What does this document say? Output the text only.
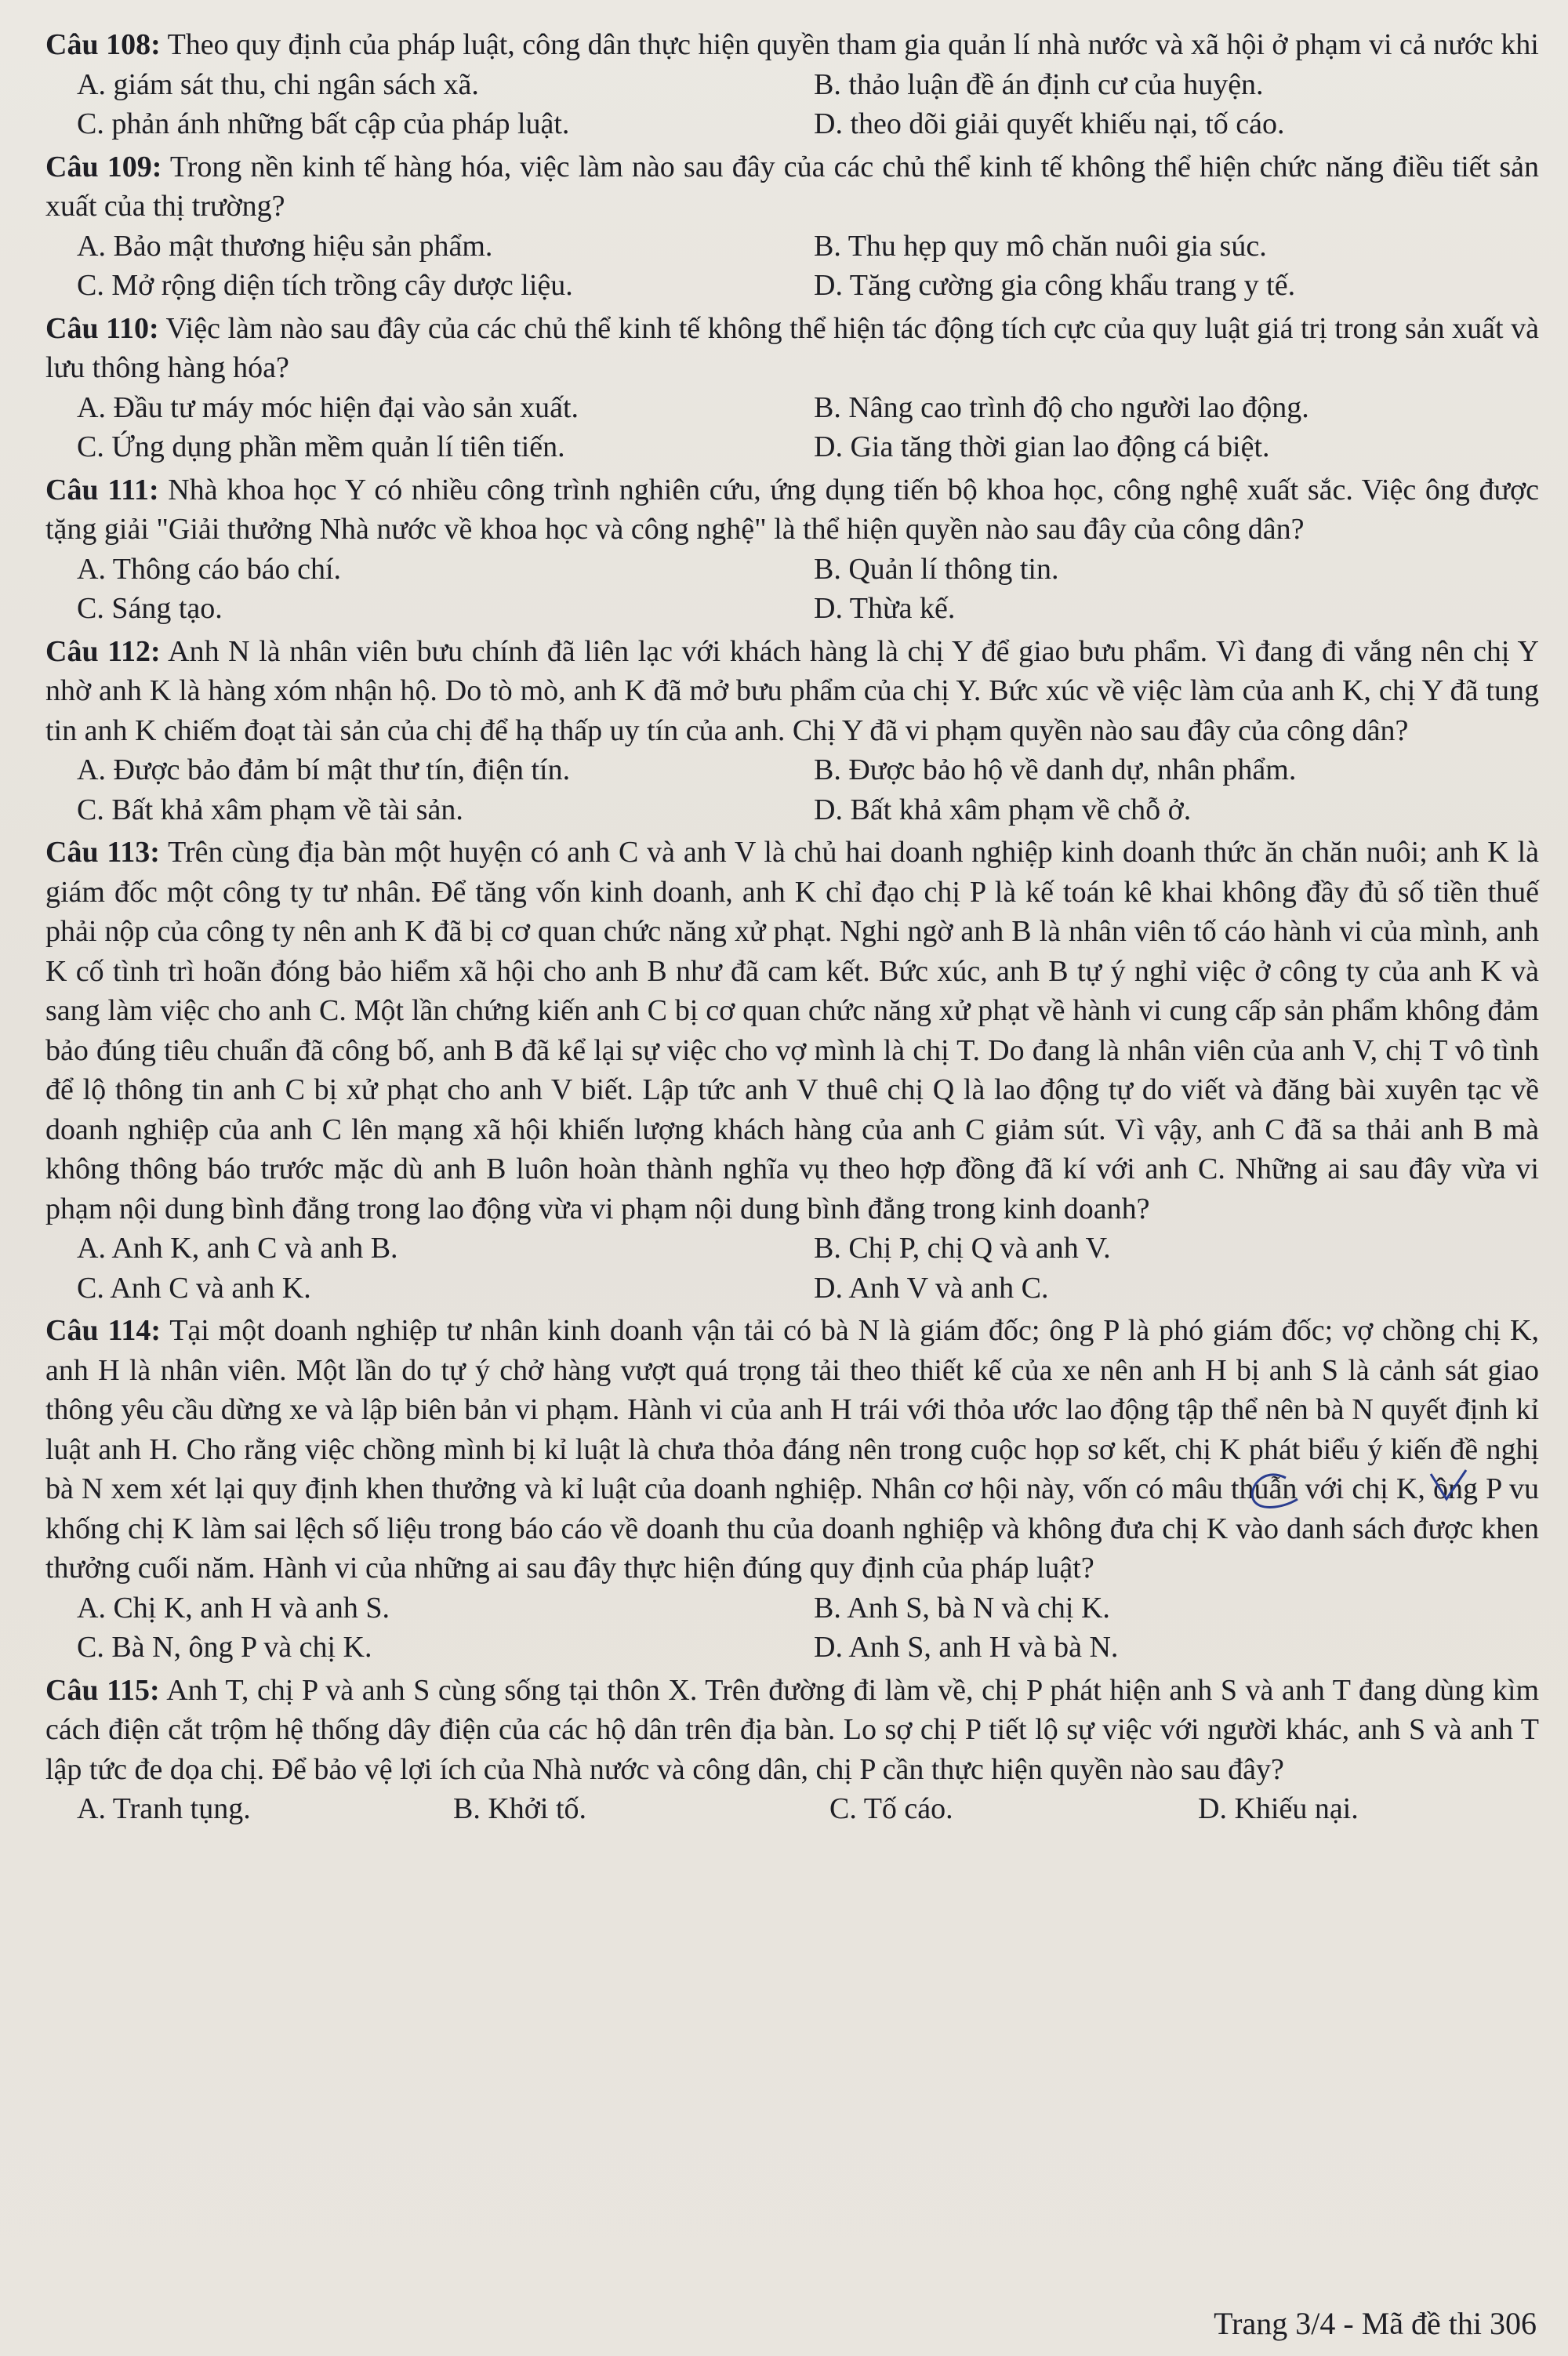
Câu 108: Theo quy định của pháp luật, công dân thực hiện quyền tham gia quản lí nhà nước và xã hội ở phạm vi cả nước khi
A. giám sát thu, chi ngân sách xã.	B. thảo luận đề án định cư của huyện.
C. phản ánh những bất cập của pháp luật.	D. theo dõi giải quyết khiếu nại, tố cáo.
Câu 109: Trong nền kinh tế hàng hóa, việc làm nào sau đây của các chủ thể kinh tế không thể hiện chức năng điều tiết sản xuất của thị trường?
A. Bảo mật thương hiệu sản phẩm.	B. Thu hẹp quy mô chăn nuôi gia súc.
C. Mở rộng diện tích trồng cây dược liệu.	D. Tăng cường gia công khẩu trang y tế.
Câu 110: Việc làm nào sau đây của các chủ thể kinh tế không thể hiện tác động tích cực của quy luật giá trị trong sản xuất và lưu thông hàng hóa?
A. Đầu tư máy móc hiện đại vào sản xuất.	B. Nâng cao trình độ cho người lao động.
C. Ứng dụng phần mềm quản lí tiên tiến.	D. Gia tăng thời gian lao động cá biệt.
Câu 111: Nhà khoa học Y có nhiều công trình nghiên cứu, ứng dụng tiến bộ khoa học, công nghệ xuất sắc. Việc ông được tặng giải "Giải thưởng Nhà nước về khoa học và công nghệ" là thể hiện quyền nào sau đây của công dân?
A. Thông cáo báo chí.	B. Quản lí thông tin.
C. Sáng tạo.	D. Thừa kế.
Câu 112: Anh N là nhân viên bưu chính đã liên lạc với khách hàng là chị Y để giao bưu phẩm. Vì đang đi vắng nên chị Y nhờ anh K là hàng xóm nhận hộ. Do tò mò, anh K đã mở bưu phẩm của chị Y. Bức xúc về việc làm của anh K, chị Y đã tung tin anh K chiếm đoạt tài sản của chị để hạ thấp uy tín của anh. Chị Y đã vi phạm quyền nào sau đây của công dân?
A. Được bảo đảm bí mật thư tín, điện tín.	B. Được bảo hộ về danh dự, nhân phẩm.
C. Bất khả xâm phạm về tài sản.	D. Bất khả xâm phạm về chỗ ở.
Câu 113: Trên cùng địa bàn một huyện có anh C và anh V là chủ hai doanh nghiệp kinh doanh thức ăn chăn nuôi; anh K là giám đốc một công ty tư nhân. Để tăng vốn kinh doanh, anh K chỉ đạo chị P là kế toán kê khai không đầy đủ số tiền thuế phải nộp của công ty nên anh K đã bị cơ quan chức năng xử phạt. Nghi ngờ anh B là nhân viên tố cáo hành vi của mình, anh K cố tình trì hoãn đóng bảo hiểm xã hội cho anh B như đã cam kết. Bức xúc, anh B tự ý nghỉ việc ở công ty của anh K và sang làm việc cho anh C. Một lần chứng kiến anh C bị cơ quan chức năng xử phạt về hành vi cung cấp sản phẩm không đảm bảo đúng tiêu chuẩn đã công bố, anh B đã kể lại sự việc cho vợ mình là chị T. Do đang là nhân viên của anh V, chị T vô tình để lộ thông tin anh C bị xử phạt cho anh V biết. Lập tức anh V thuê chị Q là lao động tự do viết và đăng bài xuyên tạc về doanh nghiệp của anh C lên mạng xã hội khiến lượng khách hàng của anh C giảm sút. Vì vậy, anh C đã sa thải anh B mà không thông báo trước mặc dù anh B luôn hoàn thành nghĩa vụ theo hợp đồng đã kí với anh C. Những ai sau đây vừa vi phạm nội dung bình đẳng trong lao động vừa vi phạm nội dung bình đẳng trong kinh doanh?
A. Anh K, anh C và anh B.	B. Chị P, chị Q và anh V.
C. Anh C và anh K.	D. Anh V và anh C.
Câu 114: Tại một doanh nghiệp tư nhân kinh doanh vận tải có bà N là giám đốc; ông P là phó giám đốc; vợ chồng chị K, anh H là nhân viên. Một lần do tự ý chở hàng vượt quá trọng tải theo thiết kế của xe nên anh H bị anh S là cảnh sát giao thông yêu cầu dừng xe và lập biên bản vi phạm. Hành vi của anh H trái với thỏa ước lao động tập thể nên bà N quyết định kỉ luật anh H. Cho rằng việc chồng mình bị kỉ luật là chưa thỏa đáng nên trong cuộc họp sơ kết, chị K phát biểu ý kiến đề nghị bà N xem xét lại quy định khen thưởng và kỉ luật của doanh nghiệp. Nhân cơ hội này, vốn có mâu thuẫn với chị K, ông P vu khống chị K làm sai lệch số liệu trong báo cáo về doanh thu của doanh nghiệp và không đưa chị K vào danh sách được khen thưởng cuối năm. Hành vi của những ai sau đây thực hiện đúng quy định của pháp luật?
A. Chị K, anh H và anh S.	B. Anh S, bà N và chị K.
C. Bà N, ông P và chị K.	D. Anh S, anh H và bà N.
Câu 115: Anh T, chị P và anh S cùng sống tại thôn X. Trên đường đi làm về, chị P phát hiện anh S và anh T đang dùng kìm cách điện cắt trộm hệ thống dây điện của các hộ dân trên địa bàn. Lo sợ chị P tiết lộ sự việc với người khác, anh S và anh T lập tức đe dọa chị. Để bảo vệ lợi ích của Nhà nước và công dân, chị P cần thực hiện quyền nào sau đây?
A. Tranh tụng.	B. Khởi tố.	C. Tố cáo.	D. Khiếu nại.
Trang 3/4 - Mã đề thi 306
